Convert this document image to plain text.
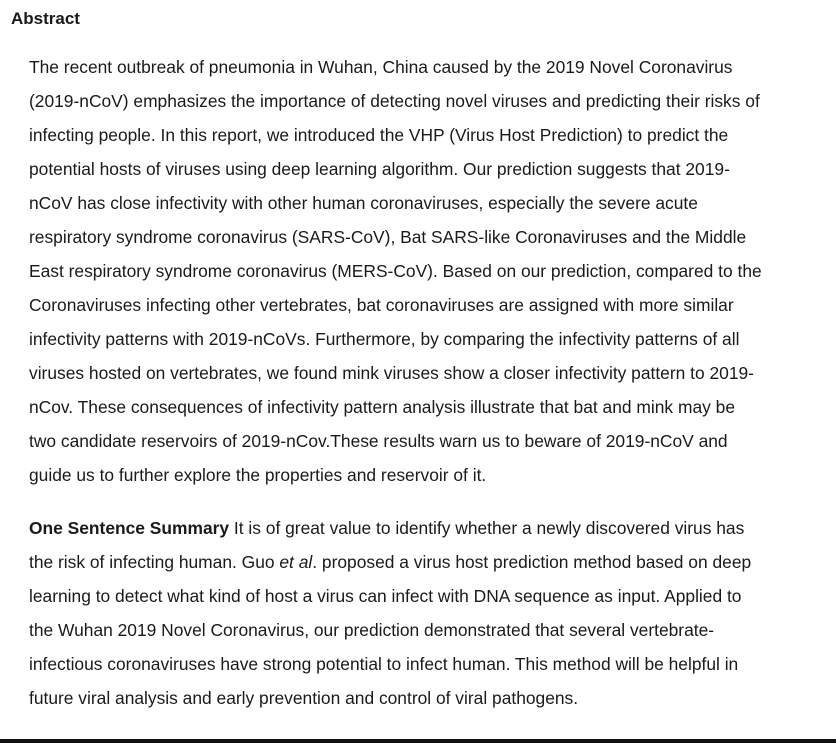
Abstract
The recent outbreak of pneumonia in Wuhan, China caused by the 2019 Novel Coronavirus
(2019-nCoV) emphasizes the importance of detecting novel viruses and predicting their risks of
infecting people. In this report, we introduced the VHP (Virus Host Prediction) to predict the
potential hosts of viruses using deep learning algorithm. Our prediction suggests that 2019-
nCoV has close infectivity with other human coronaviruses, especially the severe acute
respiratory syndrome coronavirus (SARS-CoV), Bat SARS-like Coronaviruses and the Middle
East respiratory syndrome coronavirus (MERS-CoV). Based on our prediction, compared to the
Coronaviruses infecting other vertebrates, bat coronaviruses are assigned with more similar
infectivity patterns with 2019-nCoVs. Furthermore, by comparing the infectivity patterns of all
viruses hosted on vertebrates, we found mink viruses show a closer infectivity pattern to 2019-
nCov. These consequences of infectivity pattern analysis illustrate that bat and mink may be
two candidate reservoirs of 2019-nCov.These results warn us to beware of 2019-nCoV and
guide us to further explore the properties and reservoir of it.
One Sentence Summary It is of great value to identify whether a newly discovered virus has
the risk of infecting human. Guo et al. proposed a virus host prediction method based on deep
learning to detect what kind of host a virus can infect with DNA sequence as input. Applied to
the Wuhan 2019 Novel Coronavirus, our prediction demonstrated that several vertebrate-
infectious coronaviruses have strong potential to infect human. This method will be helpful in
future viral analysis and early prevention and control of viral pathogens.
